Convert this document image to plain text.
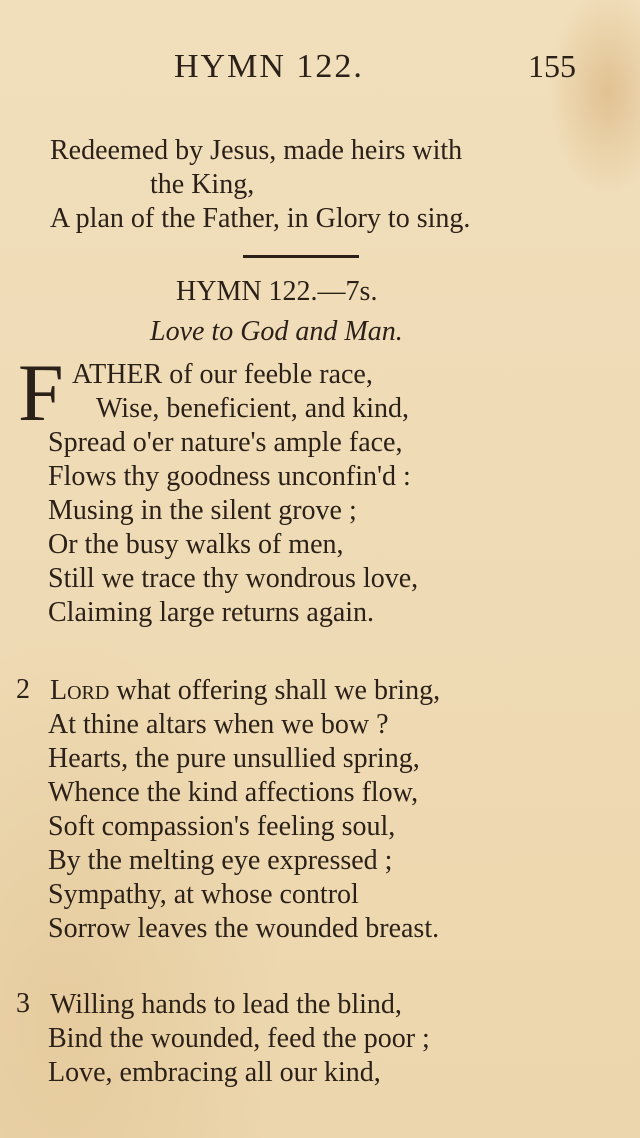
HYMN 122.	155
Redeemed by Jesus, made heirs with
the King,
A plan of the Father, in Glory to sing.
HYMN 122.—7s.
Love to God and Man.
F ATHER of our feeble race,
Wise, beneficient, and kind,
Spread o'er nature's ample face,
Flows thy goodness unconfin'd :
Musing in the silent grove ;
Or the busy walks of men,
Still we trace thy wondrous love,
Claiming large returns again.
2 Lord what offering shall we bring,
At thine altars when we bow ?
Hearts, the pure unsullied spring,
Whence the kind affections flow,
Soft compassion's feeling soul,
By the melting eye expressed ;
Sympathy, at whose control
Sorrow leaves the wounded breast.
3 Willing hands to lead the blind,
Bind the wounded, feed the poor ;
Love, embracing all our kind,
